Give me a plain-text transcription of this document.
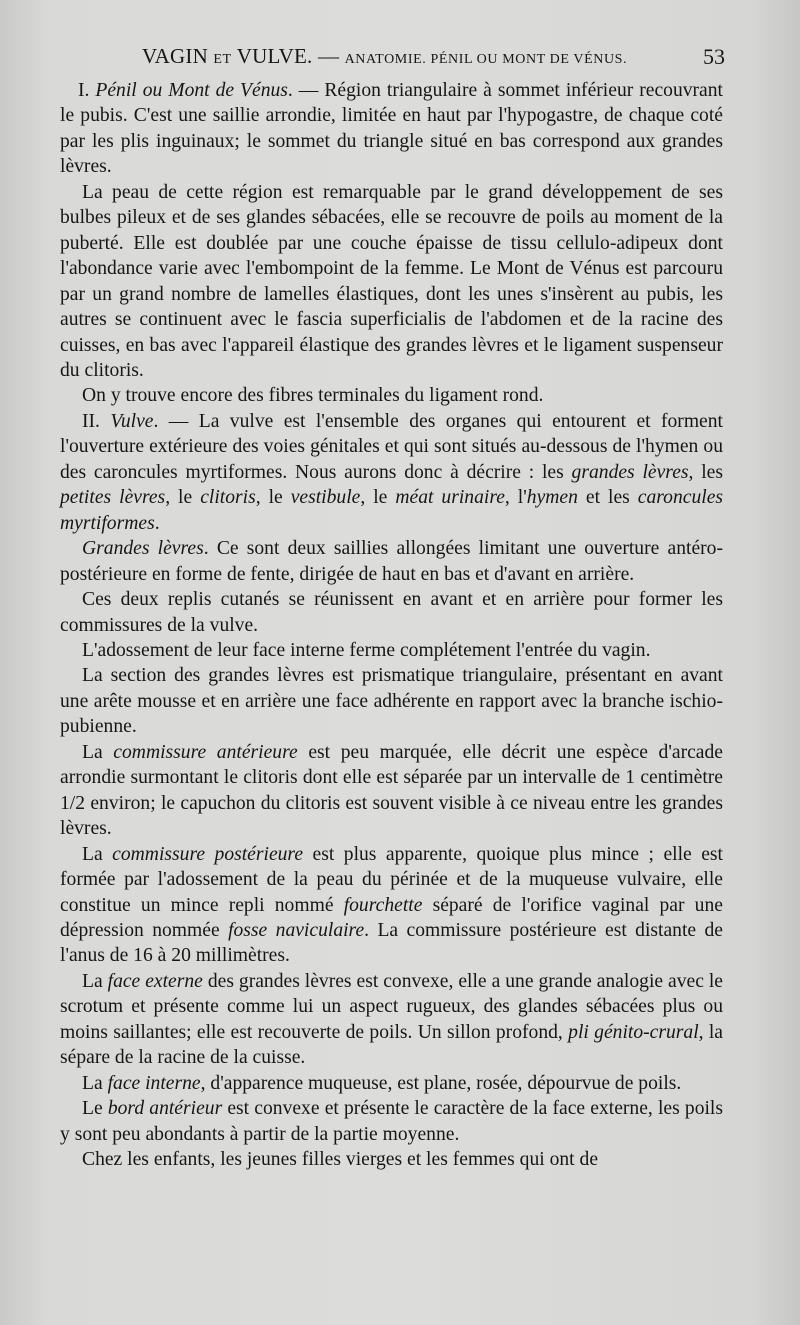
VAGIN ET VULVE. — ANATOMIE. PÉNIL OU MONT DE VÉNUS.	53

I. Pénil ou Mont de Vénus. — Région triangulaire à sommet inférieur recouvrant le pubis. C'est une saillie arrondie, limitée en haut par l'hypogastre, de chaque coté par les plis inguinaux; le sommet du triangle situé en bas correspond aux grandes lèvres.

La peau de cette région est remarquable par le grand développement de ses bulbes pileux et de ses glandes sébacées, elle se recouvre de poils au moment de la puberté. Elle est doublée par une couche épaisse de tissu cellulo-adipeux dont l'abondance varie avec l'embompoint de la femme. Le Mont de Vénus est parcouru par un grand nombre de lamelles élastiques, dont les unes s'insèrent au pubis, les autres se continuent avec le fascia superficialis de l'abdomen et de la racine des cuisses, en bas avec l'appareil élastique des grandes lèvres et le ligament suspenseur du clitoris.

On y trouve encore des fibres terminales du ligament rond.

II. Vulve. — La vulve est l'ensemble des organes qui entourent et forment l'ouverture extérieure des voies génitales et qui sont situés au-dessous de l'hymen ou des caroncules myrtiformes. Nous aurons donc à décrire : les grandes lèvres, les petites lèvres, le clitoris, le vestibule, le méat urinaire, l'hymen et les caroncules myrtiformes.

Grandes lèvres. Ce sont deux saillies allongées limitant une ouverture antéro-postérieure en forme de fente, dirigée de haut en bas et d'avant en arrière.

Ces deux replis cutanés se réunissent en avant et en arrière pour former les commissures de la vulve.

L'adossement de leur face interne ferme complétement l'entrée du vagin.

La section des grandes lèvres est prismatique triangulaire, présentant en avant une arête mousse et en arrière une face adhérente en rapport avec la branche ischio-pubienne.

La commissure antérieure est peu marquée, elle décrit une espèce d'arcade arrondie surmontant le clitoris dont elle est séparée par un intervalle de 1 centimètre 1/2 environ; le capuchon du clitoris est souvent visible à ce niveau entre les grandes lèvres.

La commissure postérieure est plus apparente, quoique plus mince ; elle est formée par l'adossement de la peau du périnée et de la muqueuse vulvaire, elle constitue un mince repli nommé fourchette séparé de l'orifice vaginal par une dépression nommée fosse naviculaire. La commissure postérieure est distante de l'anus de 16 à 20 millimètres.

La face externe des grandes lèvres est convexe, elle a une grande analogie avec le scrotum et présente comme lui un aspect rugueux, des glandes sébacées plus ou moins saillantes; elle est recouverte de poils. Un sillon profond, pli génito-crural, la sépare de la racine de la cuisse.

La face interne, d'apparence muqueuse, est plane, rosée, dépourvue de poils.

Le bord antérieur est convexe et présente le caractère de la face externe, les poils y sont peu abondants à partir de la partie moyenne.

Chez les enfants, les jeunes filles vierges et les femmes qui ont de
